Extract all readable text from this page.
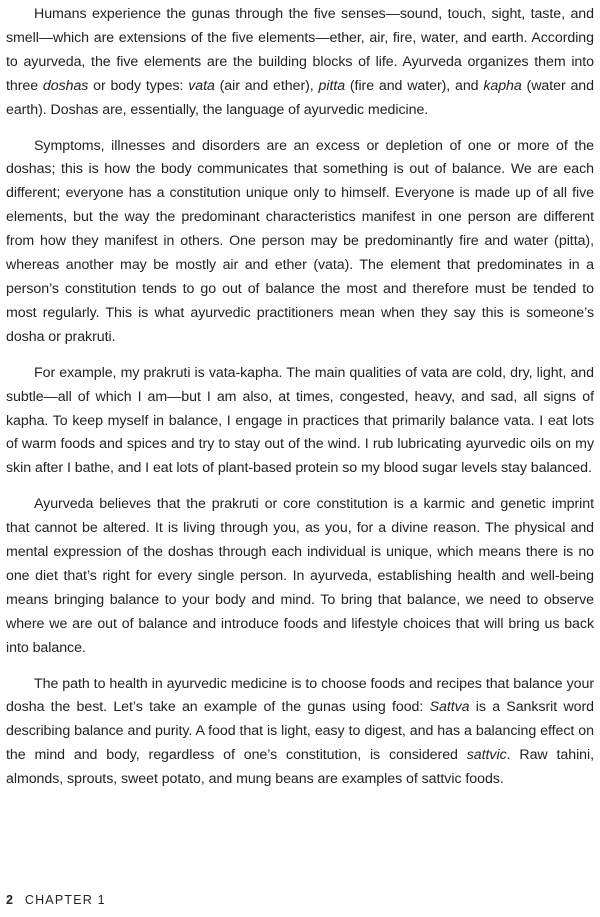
Humans experience the gunas through the five senses—sound, touch, sight, taste, and smell—which are extensions of the five elements—ether, air, fire, water, and earth. According to ayurveda, the five elements are the building blocks of life. Ayurveda organizes them into three doshas or body types: vata (air and ether), pitta (fire and water), and kapha (water and earth). Doshas are, essentially, the language of ayurvedic medicine.

Symptoms, illnesses and disorders are an excess or depletion of one or more of the doshas; this is how the body communicates that something is out of balance. We are each different; everyone has a constitution unique only to himself. Everyone is made up of all five elements, but the way the predominant characteristics manifest in one person are different from how they manifest in others. One person may be predominantly fire and water (pitta), whereas another may be mostly air and ether (vata). The element that predominates in a person’s constitution tends to go out of balance the most and therefore must be tended to most regularly. This is what ayurvedic practitioners mean when they say this is someone’s dosha or prakruti.

For example, my prakruti is vata-kapha. The main qualities of vata are cold, dry, light, and subtle—all of which I am—but I am also, at times, congested, heavy, and sad, all signs of kapha. To keep myself in balance, I engage in practices that primarily balance vata. I eat lots of warm foods and spices and try to stay out of the wind. I rub lubricating ayurvedic oils on my skin after I bathe, and I eat lots of plant-based protein so my blood sugar levels stay balanced.

Ayurveda believes that the prakruti or core constitution is a karmic and genetic imprint that cannot be altered. It is living through you, as you, for a divine reason. The physical and mental expression of the doshas through each individual is unique, which means there is no one diet that’s right for every single person. In ayurveda, establishing health and well-being means bringing balance to your body and mind. To bring that balance, we need to observe where we are out of balance and introduce foods and lifestyle choices that will bring us back into balance.

The path to health in ayurvedic medicine is to choose foods and recipes that balance your dosha the best. Let’s take an example of the gunas using food: Sattva is a Sanksrit word describing balance and purity. A food that is light, easy to digest, and has a balancing effect on the mind and body, regardless of one’s constitution, is considered sattvic. Raw tahini, almonds, sprouts, sweet potato, and mung beans are examples of sattvic foods.

2 CHAPTER 1
